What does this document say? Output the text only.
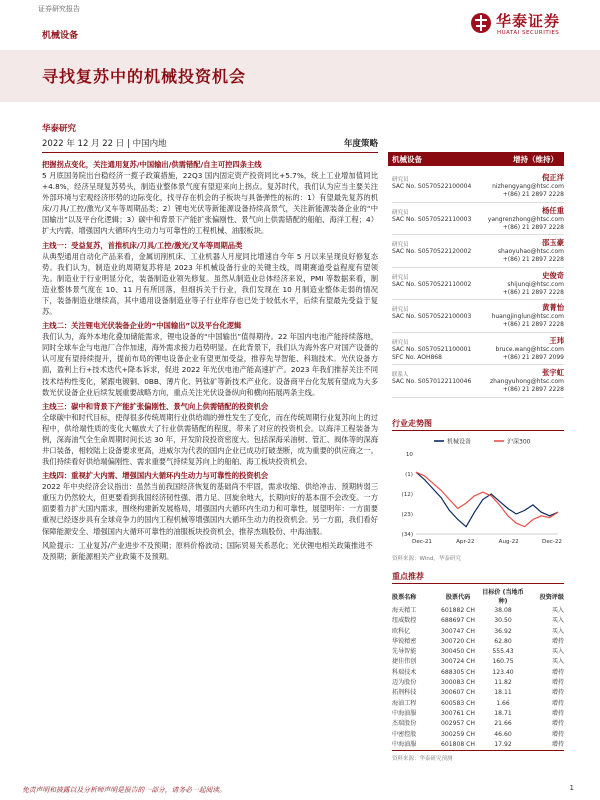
证券研究报告
机械设备
华泰证券
HUATAI SECURITIES
寻找复苏中的机械投资机会
华泰研究
2022 年 12 月 22 日 | 中国内地	年度策略
把握拐点变化，关注通用复苏/中国输出/供需错配/自主可控四条主线
5 月底国务院出台稳经济一揽子政策措施，22Q3 国内固定资产投资同比+5.7%，统上工业增加值同比+4.8%，经济呈现复苏势头，制造业整体景气度有望迎来向上拐点。复苏时代，我们认为应当主要关注外部环境与宏观经济形势的边际变化，找寻存在机会的子板块与具备弹性的标的：1）有望最先复苏的机床/刀具/工控/激光/叉车等周期品类；2）锂电光伏等新能源设备持续高景气，关注新能源装备企业的“中国输出”以及平台化逻辑；3）碳中和背景下产能扩张偏刚性、景气向上供需错配的船舶、海洋工程；4）扩大内需、增强国内大循环内生动力与可靠性的工程机械、油服板块。
主线一：受益复苏，首推机床/刀具/工控/激光/叉车等周期品类
从典型通用自动化产品来看，金属切削机床、工业机器人月度同比增速自今年 5 月以来呈现良好修复态势。我们认为，制造业的周期复苏将是 2023 年机械设备行业的关键主线，周期赛道受益程度有望领先。制造业于行业明显分化，装备制造业领先修复。虽然从制造业总体经济来说，PMI 等数据来看，制造业整体景气度在 10、11 月有所回落，但细拆关于行业，我们发现在 10 月制造业整体走弱的情况下，装备制造业继续高，其中通用设备制造业等子行业库存也已处于较低水平，后续有望最先受益于复苏。
主线二：关注锂电光伏装备企业的“中国输出”以及平台化逻辑
我们认为，海外本地化叠加储能需求，锂电设备的“中国输出”值得期待。22 年国内电池产能持续落地，同时全球车企与电池厂合作加速，海外需求接力趋势明显。在此背景下，我们认为海外客户对国产设备的认可度有望持续提升，提前布局的锂电设备企业有望更加受益，推荐先导智能、科瑞技术。光伏设备方面，盈利上行+技术迭代+降本诉求，促进 2022 年光伏电池产能高速扩产。2023 年我们推荐关注不同技术结构性变化，紧跟电镀铜、0BB、薄片化、钙钛矿等新技术产业化。设备商平台化发展有望成为大多数光伏设备企业后续发展重要战略方向，重点关注光伏设备纵向和横向拓展两条主线。
主线三：碳中和背景下产能扩张偏刚性、景气向上供需错配的投资机会
全球碳中和时代目标，使得很多传统周期行业供给端的弹性发生了变化，而在传统周期行业复苏向上的过程中，供给端性质的变化大幅放大了行业供需错配的程度，带来了对应的投资机会。以海洋工程装备为例，深海油气全生命周期时间长达 30 年，开发阶段投资密度大。包括深海采油树、管汇、阀体等的深海井口装备，相较陆上设备要求更高，进威尔为代表的国内企业已成功打破垄断，成为重要的供应商之一。我们持续看好供给端偏刚性、需求重要气持续复苏向上的船舶、海工板块投资机会。
主线四：重视扩大内需、增强国内大循环内生动力与可靠性的投资机会
2022 年中央经济会议指出：虽然当前我国经济恢复的基础尚不牢固，需求收缩、供给冲击、预期转弱三重压力仍然较大，但更要看到我国经济韧性强、潜力足、回旋余地大，长期向好的基本面不会改变。一方面要着力扩大国内需求，围绕构建新发展格局，增强国内大循环内生动力和可靠性，展望明年：一方面要重视已经逐步具有全球竞争力的国内工程机械等增强国内大循环生动力的投资机会。另一方面，我们看好保障能源安全、增强国内大循环可靠性的油服板块投资机会，推荐杰瑞股份、中海油服。
风险提示：工业复苏/产业进步不及预期；原料价格波动；国际贸易关系恶化；光伏锂电相关政策推进不及预期；新能源相关产业政策不及预期。
机械设备	增持（维持）
研究员	倪正洋
SAC No. S0570522100004	nizhengyang@htsc.com
+(86) 21 2897 2228
研究员	杨任重
SAC No. S0570522110003	yangrenzhong@htsc.com
+(86) 21 2897 2228
研究员	邵玉豪
SAC No. S0570522120002	shaoyuhao@htsc.com
+(86) 21 2897 2228
研究员	史俊奇
SAC No. S0570522110002	shijunqi@htsc.com
+(86) 21 2897 2228
研究员	黄菁怡
SAC No. S0570522100003	huangjinglun@htsc.com
+(86) 21 2897 2228
研究员	王玮
SAC No. S0570521100001	bruce.wang@htsc.com
+(86) 21 2897 2099
SFC No. AOH868
联系人	张宇虹
SAC No. S0570122110046	zhangyuhong@htsc.com
+(86) 21 2897 2228
行业走势图
机械设备	沪深300
10
(1)
(12)
(23)
(34)
Dec-21	Apr-22	Aug-22	Dec-22
资料来源：Wind，华泰研究
重点推荐
股票名称	股票代码	目标价 (当地币种)	投资评级
海天精工	601882 CH	38.08	买入
纽威数控	688697 CH	30.50	买入
欧科亿	300747 CH	36.92	买入
华锐精密	300720 CH	62.80	增持
先导智能	300450 CH	555.43	买入
捷佳伟创	300724 CH	160.75	买入
科瑞技术	688305 CH	123.40	增持
迈为股份	300083 CH	11.82	增持
拓荆科技	300607 CH	18.11	增持
海油工程	600583 CH	1.66	增持
中海油服	300761 CH	18.71	增持
杰瑞股份	002957 CH	21.66	增持
中密控股	300259 CH	46.60	增持
中海油服	601808 CH	17.92	增持
资料来源：华泰研究预测
免责声明和披露以及分析师声明是报告的一部分，请务必一起阅读。	1
